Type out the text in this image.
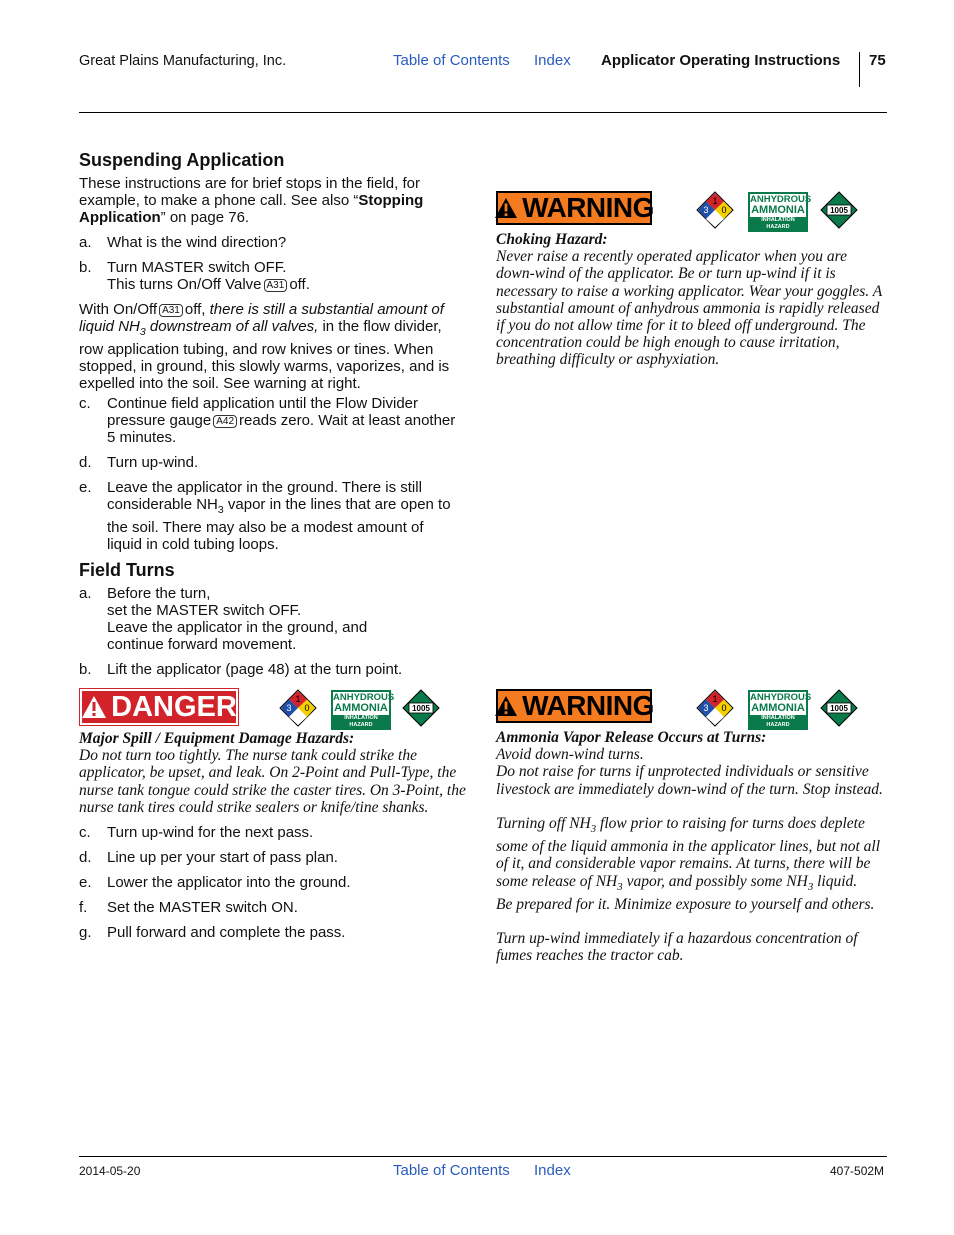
Great Plains Manufacturing, Inc.	Table of Contents Index Applicator Operating Instructions 75
Suspending Application
These instructions are for brief stops in the field, for
example, to make a phone call. See also “Stopping
Application” on page 76.
a. What is the wind direction?
b. Turn MASTER switch OFF.
This turns On/Off Valve A31 off.
With On/Off A31 off, there is still a substantial amount of
liquid $NH_3$ downstream of all valves, in the flow divider,
row application tubing, and row knives or tines. When
stopped, in ground, this slowly warms, vaporizes, and is
expelled into the soil. See warning at right.
c. Continue field application until the Flow Divider
pressure gauge A42 reads zero. Wait at least another
5 minutes.
d. Turn up-wind.
e. Leave the applicator in the ground. There is still
considerable $NH_3$ vapor in the lines that are open to
the soil. There may also be a modest amount of
liquid in cold tubing loops.
Field Turns
a. Before the turn,
set the MASTER switch OFF.
Leave the applicator in the ground, and
continue forward movement.
b. Lift the applicator (page 48) at the turn point.
DANGER	1
3 0
ANHYDROUS
AMMONIA
INHALATION HAZARD
1005
Major Spill / Equipment Damage Hazards:
Do not turn too tightly. The nurse tank could strike the
applicator, be upset, and leak. On 2-Point and Pull-Type, the
nurse tank tongue could strike the caster tires. On 3-Point, the
nurse tank tires could strike sealers or knife/tine shanks.
c. Turn up-wind for the next pass.
d. Line up per your start of pass plan.
e. Lower the applicator into the ground.
f. Set the MASTER switch ON.
g. Pull forward and complete the pass.
WARNING	1
3 0
ANHYDROUS
AMMONIA
INHALATION HAZARD
1005
Choking Hazard:
Never raise a recently operated applicator when you are
down-wind of the applicator. Be or turn up-wind if it is
necessary to raise a working applicator. Wear your goggles. A
substantial amount of anhydrous ammonia is rapidly released
if you do not allow time for it to bleed off underground. The
concentration could be high enough to cause irritation,
breathing difficulty or asphyxiation.
WARNING	1
3 0
ANHYDROUS
AMMONIA
INHALATION HAZARD
1005
Ammonia Vapor Release Occurs at Turns:
Avoid down-wind turns.
Do not raise for turns if unprotected individuals or sensitive
livestock are immediately down-wind of the turn. Stop instead.
Turning off $NH_3$ flow prior to raising for turns does deplete
some of the liquid ammonia in the applicator lines, but not all
of it, and considerable vapor remains. At turns, there will be
some release of $NH_3$ vapor, and possibly some $NH_3$ liquid.
Be prepared for it. Minimize exposure to yourself and others.
Turn up-wind immediately if a hazardous concentration of
fumes reaches the tractor cab.
2014-05-20	Table of Contents Index	407-502M
